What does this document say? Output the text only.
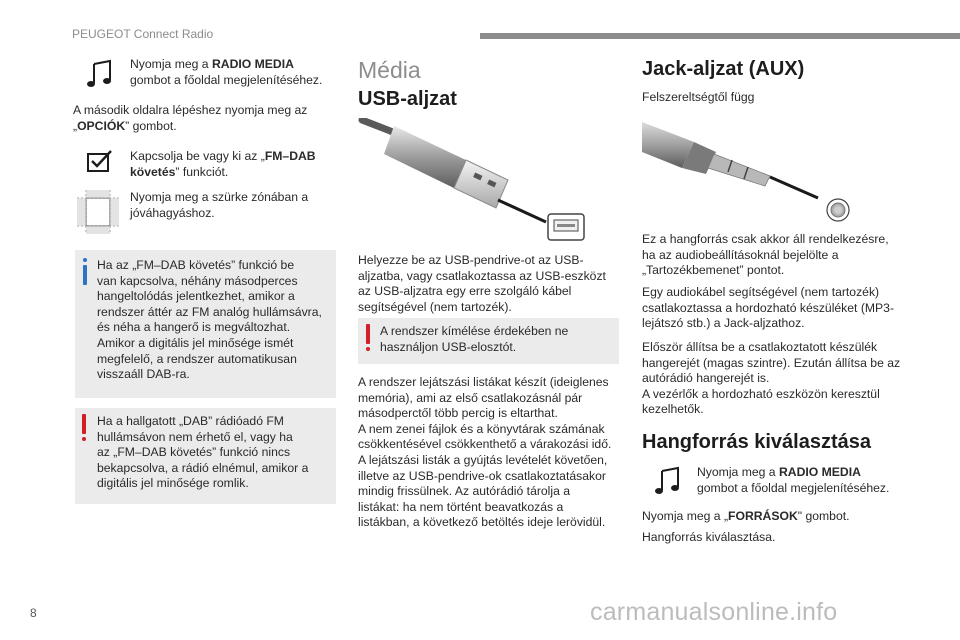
PEUGEOT Connect Radio
Nyomja meg a RADIO MEDIA
gombot a főoldal megjelenítéséhez.
A második oldalra lépéshez nyomja meg az
„OPCIÓK” gombot.
Kapcsolja be vagy ki az „FM–DAB
követés” funkciót.
Nyomja meg a szürke zónában a
jóváhagyáshoz.
Ha az „FM–DAB követés” funkció be
van kapcsolva, néhány másodperces
hangeltolódás jelentkezhet, amikor a
rendszer áttér az FM analóg hullámsávra,
és néha a hangerő is megváltozhat.
Amikor a digitális jel minősége ismét
megfelelő, a rendszer automatikusan
visszaáll DAB-ra.
Ha a hallgatott „DAB” rádióadó FM
hullámsávon nem érhető el, vagy ha
az „FM–DAB követés” funkció nincs
bekapcsolva, a rádió elnémul, amikor a
digitális jel minősége romlik.
Média
USB-aljzat
Helyezze be az USB-pendrive-ot az USB-
aljzatba, vagy csatlakoztassa az USB-eszközt
az USB-aljzatra egy erre szolgáló kábel
segítségével (nem tartozék).
A rendszer kímélése érdekében ne
használjon USB-elosztót.
A rendszer lejátszási listákat készít (ideiglenes
memória), ami az első csatlakozásnál pár
másodperctől több percig is eltarthat.
A nem zenei fájlok és a könyvtárak számának
csökkentésével csökkenthető a várakozási idő.
A lejátszási listák a gyújtás levételét követően,
illetve az USB-pendrive-ok csatlakoztatásakor
mindig frissülnek. Az autórádió tárolja a
listákat: ha nem történt beavatkozás a
listákban, a következő betöltés ideje lerövidül.
Jack-aljzat (AUX)
Felszereltségtől függ
Ez a hangforrás csak akkor áll rendelkezésre,
ha az audiobeállításoknál bejelölte a
„Tartozékbemenet” pontot.
Egy audiokábel segítségével (nem tartozék)
csatlakoztassa a hordozható készüléket (MP3-
lejátszó stb.) a Jack-aljzathoz.
Először állítsa be a csatlakoztatott készülék
hangerejét (magas szintre). Ezután állítsa be az
autórádió hangerejét is.
A vezérlők a hordozható eszközön keresztül
kezelhetők.
Hangforrás kiválasztása
Nyomja meg a RADIO MEDIA
gombot a főoldal megjelenítéséhez.
Nyomja meg a „FORRÁSOK" gombot.
Hangforrás kiválasztása.
8	carmanualsonline.info
